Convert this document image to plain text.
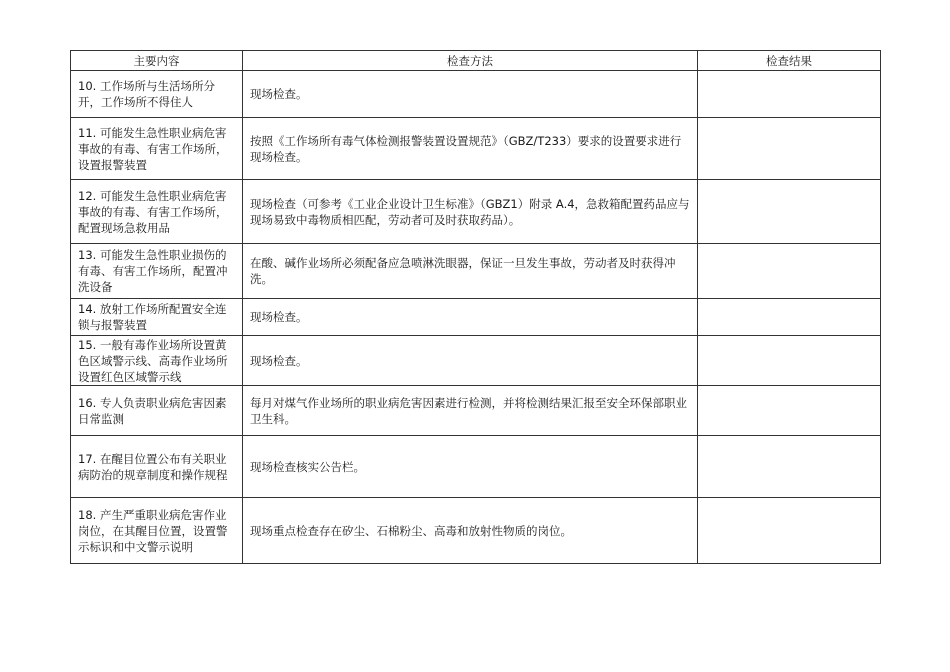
主要内容	检查方法	检查结果
10. 工作场所与生活场所分开，工作场所不得住人	现场检查。	
11. 可能发生急性职业病危害事故的有毒、有害工作场所，设置报警装置	按照《工作场所有毒气体检测报警装置设置规范》（GBZ/T233）要求的设置要求进行现场检查。	
12. 可能发生急性职业病危害事故的有毒、有害工作场所，配置现场急救用品	现场检查（可参考《工业企业设计卫生标准》（GBZ1）附录 A.4，急救箱配置药品应与现场易致中毒物质相匹配，劳动者可及时获取药品）。	
13. 可能发生急性职业损伤的有毒、有害工作场所，配置冲洗设备	在酸、碱作业场所必须配备应急喷淋洗眼器，保证一旦发生事故，劳动者及时获得冲洗。	
14. 放射工作场所配置安全连锁与报警装置	现场检查。	
15. 一般有毒作业场所设置黄色区域警示线、高毒作业场所设置红色区域警示线	现场检查。	
16. 专人负责职业病危害因素日常监测	每月对煤气作业场所的职业病危害因素进行检测，并将检测结果汇报至安全环保部职业卫生科。	
17. 在醒目位置公布有关职业病防治的规章制度和操作规程	现场检查核实公告栏。	
18. 产生严重职业病危害作业岗位，在其醒目位置，设置警示标识和中文警示说明	现场重点检查存在矽尘、石棉粉尘、高毒和放射性物质的岗位。	
